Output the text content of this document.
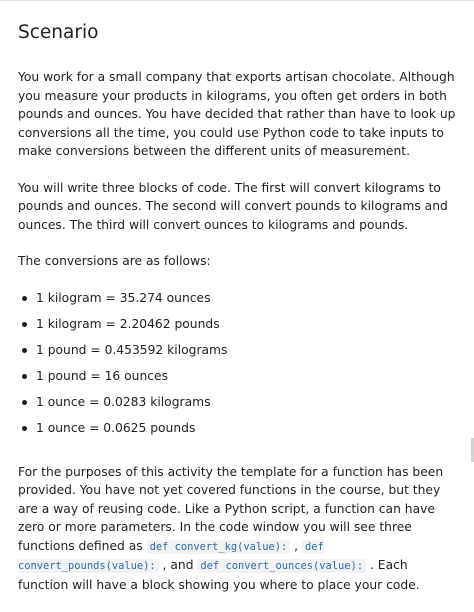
Scenario

You work for a small company that exports artisan chocolate. Although you measure your products in kilograms, you often get orders in both pounds and ounces. You have decided that rather than have to look up conversions all the time, you could use Python code to take inputs to make conversions between the different units of measurement.

You will write three blocks of code. The first will convert kilograms to pounds and ounces. The second will convert pounds to kilograms and ounces. The third will convert ounces to kilograms and pounds.

The conversions are as follows:

1 kilogram = 35.274 ounces
1 kilogram = 2.20462 pounds
1 pound = 0.453592 kilograms
1 pound = 16 ounces
1 ounce = 0.0283 kilograms
1 ounce = 0.0625 pounds

For the purposes of this activity the template for a function has been provided. You have not yet covered functions in the course, but they are a way of reusing code. Like a Python script, a function can have zero or more parameters. In the code window you will see three functions defined as def convert_kg(value): , def convert_pounds(value): , and def convert_ounces(value): . Each function will have a block showing you where to place your code.
